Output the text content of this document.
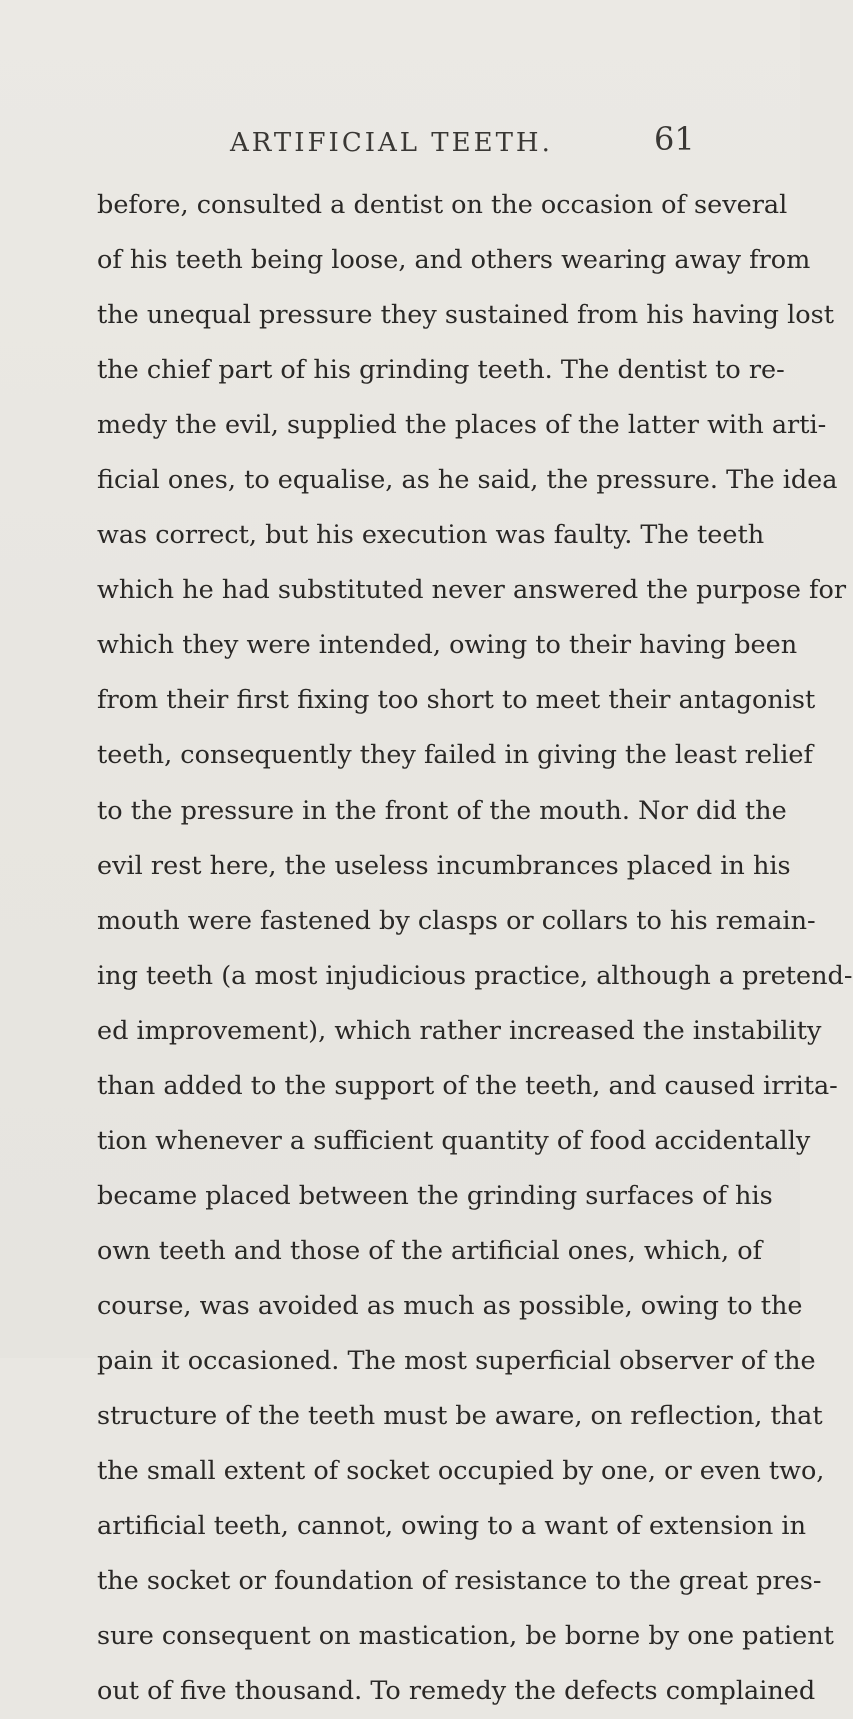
ARTIFICIAL TEETH.	61
before, consulted a dentist on the occasion of several
of his teeth being loose, and others wearing away from
the unequal pressure they sustained from his having lost
the chief part of his grinding teeth. The dentist to re-
medy the evil, supplied the places of the latter with arti-
ficial ones, to equalise, as he said, the pressure. The idea
was correct, but his execution was faulty. The teeth
which he had substituted never answered the purpose for
which they were intended, owing to their having been
from their first fixing too short to meet their antagonist
teeth, consequently they failed in giving the least relief
to the pressure in the front of the mouth. Nor did the
evil rest here, the useless incumbrances placed in his
mouth were fastened by clasps or collars to his remain-
ing teeth (a most injudicious practice, although a pretend-
ed improvement), which rather increased the instability
than added to the support of the teeth, and caused irrita-
tion whenever a sufficient quantity of food accidentally
became placed between the grinding surfaces of his
own teeth and those of the artificial ones, which, of
course, was avoided as much as possible, owing to the
pain it occasioned. The most superficial observer of the
structure of the teeth must be aware, on reflection, that
the small extent of socket occupied by one, or even two,
artificial teeth, cannot, owing to a want of extension in
the socket or foundation of resistance to the great pres-
sure consequent on mastication, be borne by one patient
out of five thousand. To remedy the defects complained
